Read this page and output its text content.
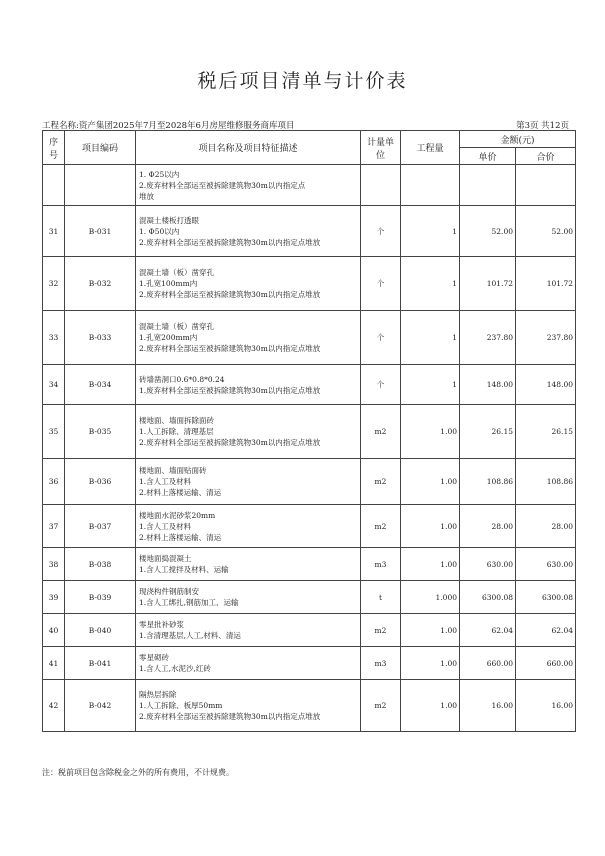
税后项目清单与计价表
工程名称:资产集团2025年7月至2028年6月房屋维修服务商库项目	第3页 共12页
序号	项目编码	项目名称及项目特征描述	计量单位	工程量	金额(元)	
					单价	合价

		1. Φ25以内
2.废弃材料全部运至被拆除建筑物30m以内指定点
堆放				

31	B-031	混凝土楼板打透眼
1. Φ50以内
2.废弃材料全部运至被拆除建筑物30m以内指定点堆放	个	1	52.00	52.00
32	B-032	混凝土墙（板）凿穿孔
1.孔宽100mm内
2.废弃材料全部运至被拆除建筑物30m以内指定点堆放	个	1	101.72	101.72
33	B-033	混凝土墙（板）凿穿孔
1.孔宽200mm内
2.废弃材料全部运至被拆除建筑物30m以内指定点堆放	个	1	237.80	237.80
34	B-034	砖墙凿洞口0.6*0.8*0.24
1.废弃材料全部运至被拆除建筑物30m以内指定点堆放	个	1	148.00	148.00
35	B-035	楼地面、墙面拆除面砖
1.人工拆除、清理基层
2.废弃材料全部运至被拆除建筑物30m以内指定点堆放	m2	1.00	26.15	26.15
36	B-036	楼地面、墙面贴面砖
1.含人工及材料
2.材料上落楼运输、清运	m2	1.00	108.86	108.86
37	B-037	楼地面水泥砂浆20mm
1.含人工及材料
2.材料上落楼运输、清运	m2	1.00	28.00	28.00
38	B-038	楼地面捣混凝土
1.含人工搅拌及材料、运输	m3	1.00	630.00	630.00
39	B-039	现浇构件钢筋制安
1.含人工绑扎,钢筋加工、运输	t	1.000	6300.08	6300.08
40	B-040	零星批补砂浆
1.含清理基层,人工,材料、清运	m2	1.00	62.04	62.04
41	B-041	零星砌砖
1.含人工,水泥沙,红砖	m3	1.00	660.00	660.00
42	B-042	隔热层拆除
1.人工拆除、板厚50mm
2.废弃材料全部运至被拆除建筑物30m以内指定点堆放	m2	1.00	16.00	16.00
注：税前项目包含除税金之外的所有费用，不计规费。
